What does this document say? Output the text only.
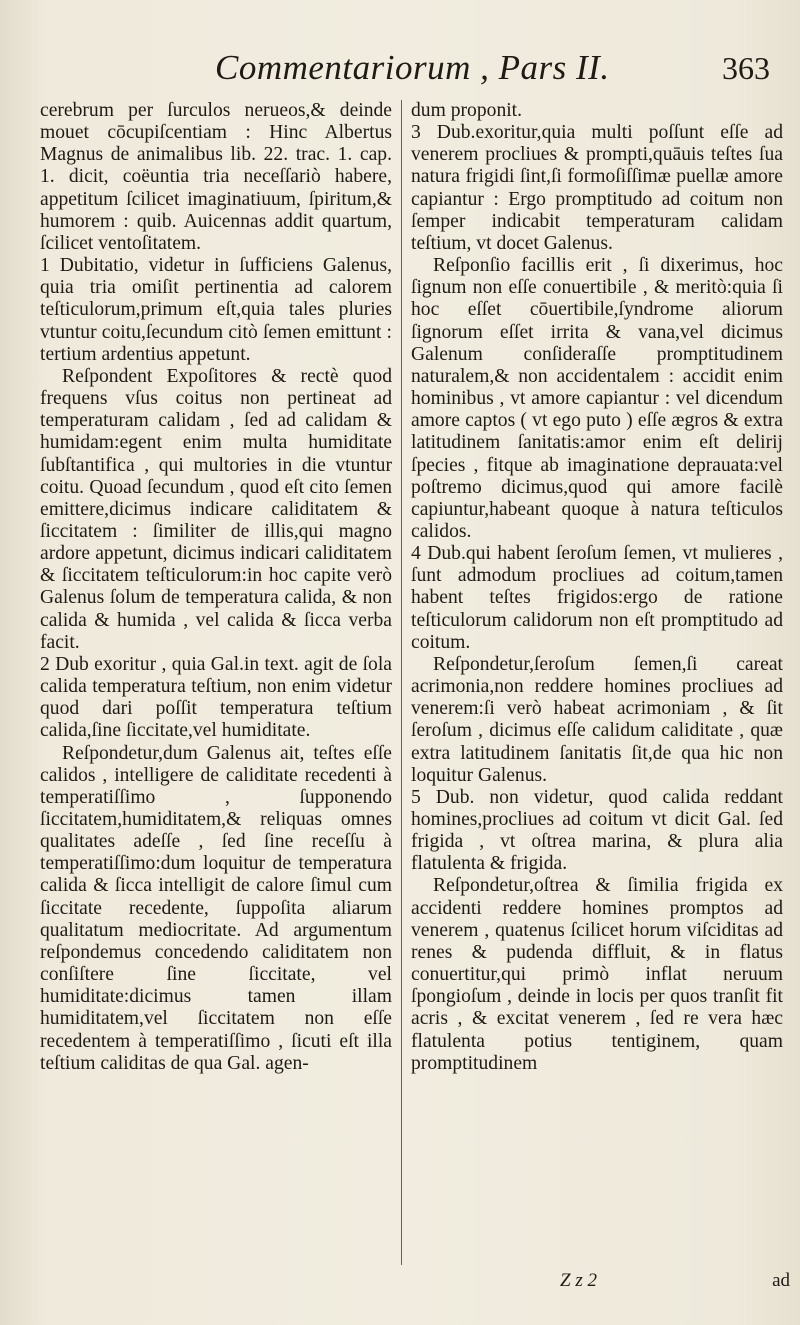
Commentariorum , Pars II.	363

cerebrum per ſurculos neruеos,& deinde mouet cōcupiſcentiam : Hinc Albertus Magnus de animalibus lib. 22. trac. 1. cap. 1. dicit, coëuntia tria neceſſariò habere, appetitum ſcilicet imaginatiuum, ſpiritum,& humorem : quib. Auicennas addit quartum, ſcilicet ventoſitatem.

1 Dubitatio, videtur in ſufficiens Galenus, quia tria omiſit pertinentia ad calorem teſticulorum,primum eſt,quia tales pluries vtuntur coitu,ſecundum citò ſemen emittunt : tertium ardentius appetunt.

Reſpondent Expoſitores & rectè quod frequens vſus coitus non pertineat ad temperaturam calidam , ſed ad calidam & humidam:egent enim multa humiditate ſubſtantifica , qui multories in die vtuntur coitu. Quoad ſecundum , quod eſt cito ſemen emittere,dicimus indicare caliditatem & ſiccitatem : ſimiliter de illis,qui magno ardore appetunt, dicimus indicari caliditatem & ſiccitatem teſticulorum:in hoc capite verò Galenus ſolum de temperatura calida, & non calida & humida , vel calida & ſicca verba facit.

2 Dub exoritur , quia Gal.in text. agit de ſola calida temperatura teſtium, non enim videtur quod dari poſſit temperatura teſtium calida,ſine ſiccitate,vel humiditate.

Reſpondetur,dum Galenus ait, teſtes eſſe calidos , intelligere de caliditate recedenti à temperatiſſimo , ſupponendo ſiccitatem,humiditatem,& reliquas omnes qualitates adeſſe , ſed ſine receſſu à temperatiſſimo:dum loquitur de temperatura calida & ſicca intelligit de calore ſimul cum ſiccitate recedente, ſuppoſita aliarum qualitatum mediocritate. Ad argumentum reſpondemus concedendo caliditatem non conſiſtere ſine ſiccitate, vel humiditate:dicimus tamen illam humiditatem,vel ſiccitatem non eſſe recedentem à temperatiſſimo , ſicuti eſt illa teſtium caliditas de qua Gal. agen-

dum proponit.

3 Dub.exoritur,quia multi poſſunt eſſe ad venerem procliues & prompti,quāuis teſtes ſua natura frigidi ſint,ſi formoſiſſimæ puellæ amore capiantur : Ergo promptitudo ad coitum non ſemper indicabit temperaturam calidam teſtium, vt docet Galenus.

Reſponſio facillis erit , ſi dixerimus, hoc ſignum non eſſe conuertibile , & meritò:quia ſi hoc eſſet cōuertibile,ſyndrome aliorum ſignorum eſſet irrita & vana,vel dicimus Galenum conſideraſſe promptitudinem naturalem,& non accidentalem : accidit enim hominibus , vt amore capiantur : vel dicendum amore captos ( vt ego puto ) eſſe ægros & extra latitudinem ſanitatis:amor enim eſt delirij ſpecies , fitque ab imaginatione deprauata:vel poſtremo dicimus,quod qui amore facilè capiuntur,habeant quoque à natura teſticulos calidos.

4 Dub.qui habent ſeroſum ſemen, vt mulieres , ſunt admodum procliues ad coitum,tamen habent teſtes frigidos:ergo de ratione teſticulorum calidorum non eſt promptitudo ad coitum.

Reſpondetur,ſeroſum ſemen,ſi careat acrimonia,non reddere homines procliues ad venerem:ſi verò habeat acrimoniam , & ſit ſeroſum , dicimus eſſe calidum caliditate , quæ extra latitudinem ſanitatis ſit,de qua hic non loquitur Galenus.

5 Dub. non videtur, quod calida reddant homines,procliues ad coitum vt dicit Gal. ſed frigida , vt oſtrea marina, & plura alia flatulenta & frigida.

Reſpondetur,oſtrea & ſimilia frigida ex accidenti reddere homines promptos ad venerem , quatenus ſcilicet horum viſciditas ad renes & pudenda diffluit, & in flatus conuertitur,qui primò inflat neruum ſpongioſum , deinde in locis per quos tranſit fit acris , & excitat venerem , ſed re vera hæc flatulenta potius tentiginem, quam promptitudinem

Z z 2	ad
